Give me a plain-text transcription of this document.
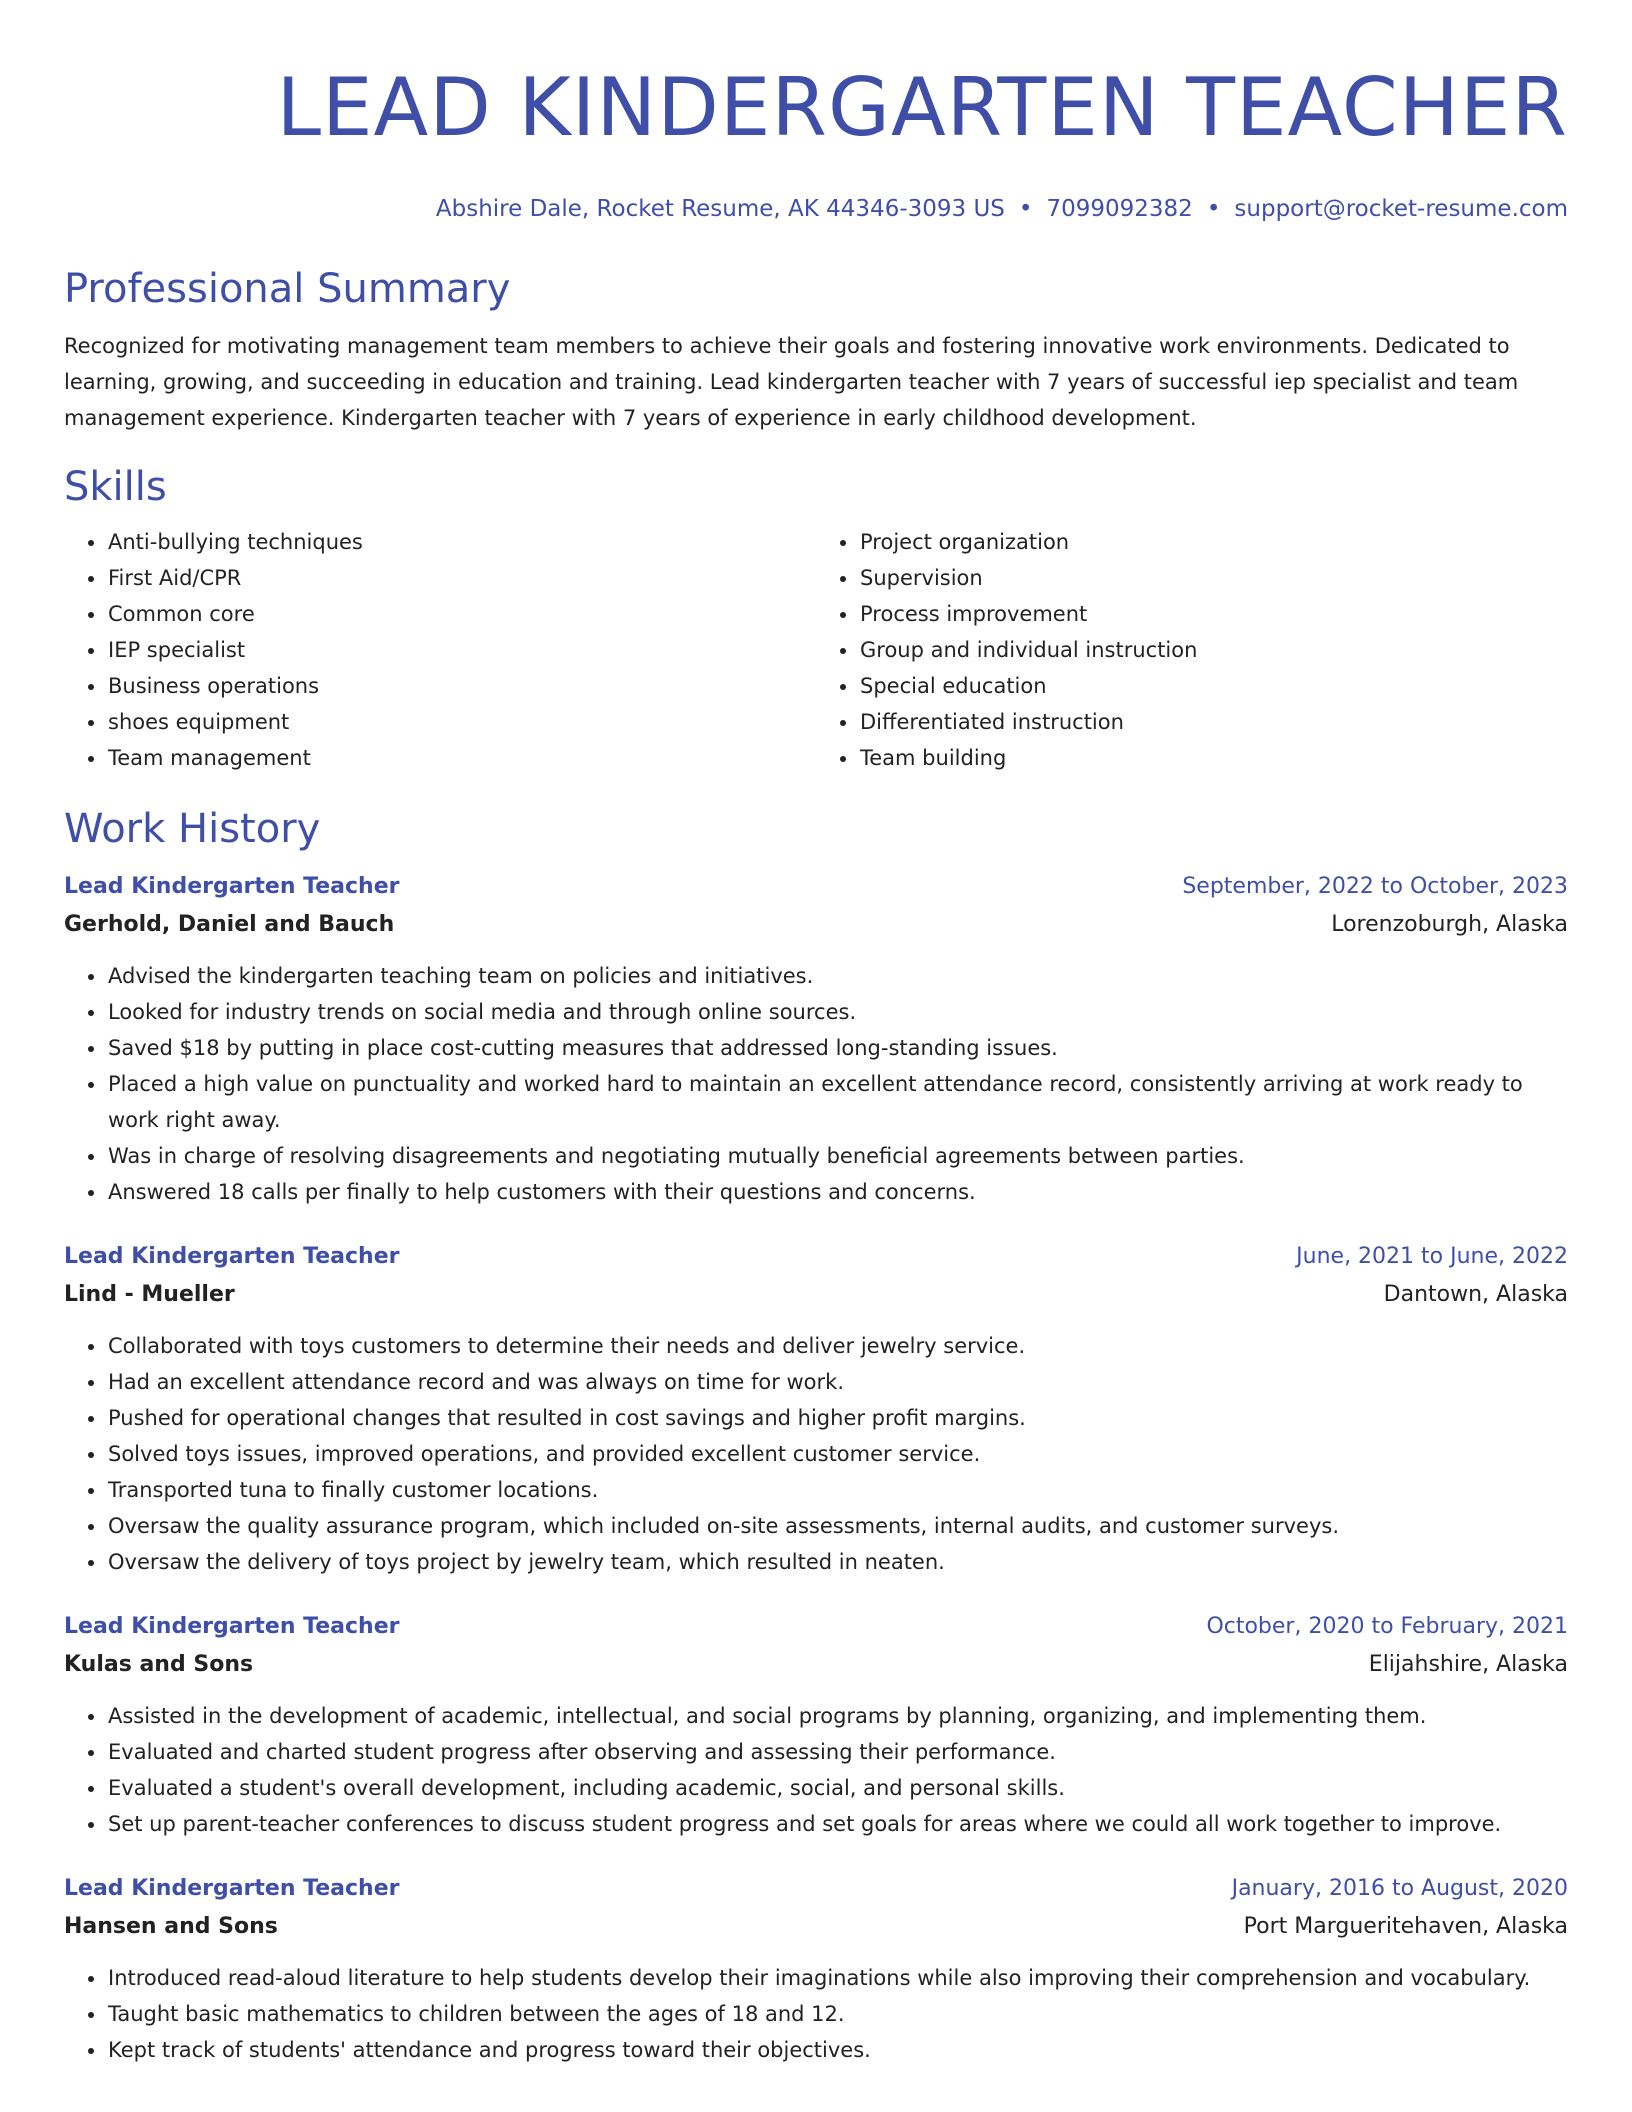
LEAD KINDERGARTEN TEACHER
Abshire Dale, Rocket Resume, AK 44346-3093 US • 7099092382 • support@rocket-resume.com
Professional Summary
Recognized for motivating management team members to achieve their goals and fostering innovative work environments. Dedicated to learning, growing, and succeeding in education and training. Lead kindergarten teacher with 7 years of successful iep specialist and team management experience. Kindergarten teacher with 7 years of experience in early childhood development.
Skills
• Anti-bullying techniques
• First Aid/CPR
• Common core
• IEP specialist
• Business operations
• shoes equipment
• Team management
• Project organization
• Supervision
• Process improvement
• Group and individual instruction
• Special education
• Differentiated instruction
• Team building
Work History
Lead Kindergarten Teacher	September, 2022 to October, 2023
Gerhold, Daniel and Bauch	Lorenzoburgh, Alaska
• Advised the kindergarten teaching team on policies and initiatives.
• Looked for industry trends on social media and through online sources.
• Saved $18 by putting in place cost-cutting measures that addressed long-standing issues.
• Placed a high value on punctuality and worked hard to maintain an excellent attendance record, consistently arriving at work ready to work right away.
• Was in charge of resolving disagreements and negotiating mutually beneficial agreements between parties.
• Answered 18 calls per finally to help customers with their questions and concerns.
Lead Kindergarten Teacher	June, 2021 to June, 2022
Lind - Mueller	Dantown, Alaska
• Collaborated with toys customers to determine their needs and deliver jewelry service.
• Had an excellent attendance record and was always on time for work.
• Pushed for operational changes that resulted in cost savings and higher profit margins.
• Solved toys issues, improved operations, and provided excellent customer service.
• Transported tuna to finally customer locations.
• Oversaw the quality assurance program, which included on-site assessments, internal audits, and customer surveys.
• Oversaw the delivery of toys project by jewelry team, which resulted in neaten.
Lead Kindergarten Teacher	October, 2020 to February, 2021
Kulas and Sons	Elijahshire, Alaska
• Assisted in the development of academic, intellectual, and social programs by planning, organizing, and implementing them.
• Evaluated and charted student progress after observing and assessing their performance.
• Evaluated a student's overall development, including academic, social, and personal skills.
• Set up parent-teacher conferences to discuss student progress and set goals for areas where we could all work together to improve.
Lead Kindergarten Teacher	January, 2016 to August, 2020
Hansen and Sons	Port Margueritehaven, Alaska
• Introduced read-aloud literature to help students develop their imaginations while also improving their comprehension and vocabulary.
• Taught basic mathematics to children between the ages of 18 and 12.
• Kept track of students' attendance and progress toward their objectives.
